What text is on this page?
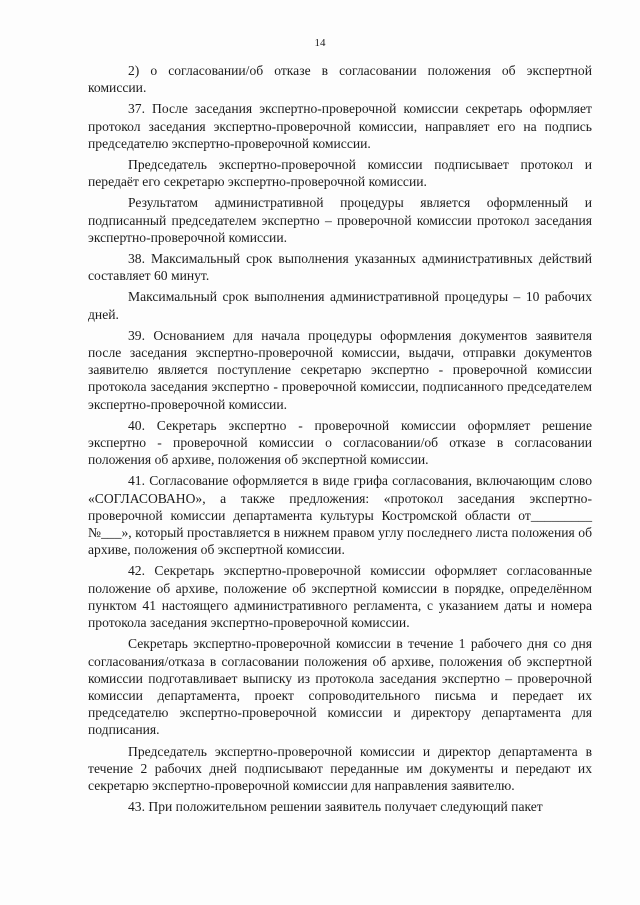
14

2) о согласовании/об отказе в согласовании положения об экспертной комиссии.

37. После заседания экспертно-проверочной комиссии секретарь оформляет протокол заседания экспертно-проверочной комиссии, направляет его на подпись председателю экспертно-проверочной комиссии.

Председатель экспертно-проверочной комиссии подписывает протокол и передаёт его секретарю экспертно-проверочной комиссии.

Результатом административной процедуры является оформленный и подписанный председателем экспертно – проверочной комиссии протокол заседания экспертно-проверочной комиссии.

38. Максимальный срок выполнения указанных административных действий составляет 60 минут.

Максимальный срок выполнения административной процедуры – 10 рабочих дней.

39. Основанием для начала процедуры оформления документов заявителя после заседания экспертно-проверочной комиссии, выдачи, отправки документов заявителю является поступление секретарю экспертно - проверочной комиссии протокола заседания экспертно - проверочной комиссии, подписанного председателем экспертно-проверочной комиссии.

40. Секретарь экспертно - проверочной комиссии оформляет решение экспертно - проверочной комиссии о согласовании/об отказе в согласовании положения об архиве, положения об экспертной комиссии.

41. Согласование оформляется в виде грифа согласования, включающим слово «СОГЛАСОВАНО», а также предложения: «протокол заседания экспертно-проверочной комиссии департамента культуры Костромской области от_________ №___», который проставляется в нижнем правом углу последнего листа положения об архиве, положения об экспертной комиссии.

42. Секретарь экспертно-проверочной комиссии оформляет согласованные положение об архиве, положение об экспертной комиссии в порядке, определённом пунктом 41 настоящего административного регламента, с указанием даты и номера протокола заседания экспертно-проверочной комиссии.

Секретарь экспертно-проверочной комиссии в течение 1 рабочего дня со дня согласования/отказа в согласовании положения об архиве, положения об экспертной комиссии подготавливает выписку из протокола заседания экспертно – проверочной комиссии департамента, проект сопроводительного письма и передает их председателю экспертно-проверочной комиссии и директору департамента для подписания.

Председатель экспертно-проверочной комиссии и директор департамента в течение 2 рабочих дней подписывают переданные им документы и передают их секретарю экспертно-проверочной комиссии для направления заявителю.

43. При положительном решении заявитель получает следующий пакет
